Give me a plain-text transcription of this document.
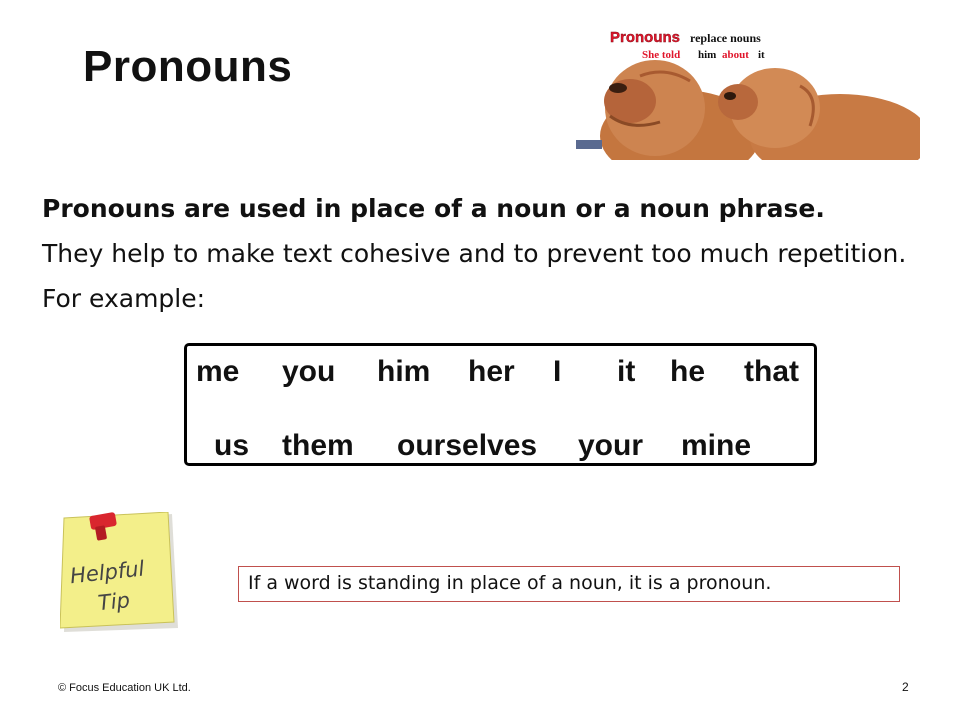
Pronouns
Pronouns replace nouns
She told him about it

Pronouns are used in place of a noun or a noun phrase.
They help to make text cohesive and to prevent too much repetition. For example:

me you him her I it he that
us them ourselves your mine
Helpful
Tip
If a word is standing in place of a noun, it is a pronoun.
© Focus Education UK Ltd.	2
